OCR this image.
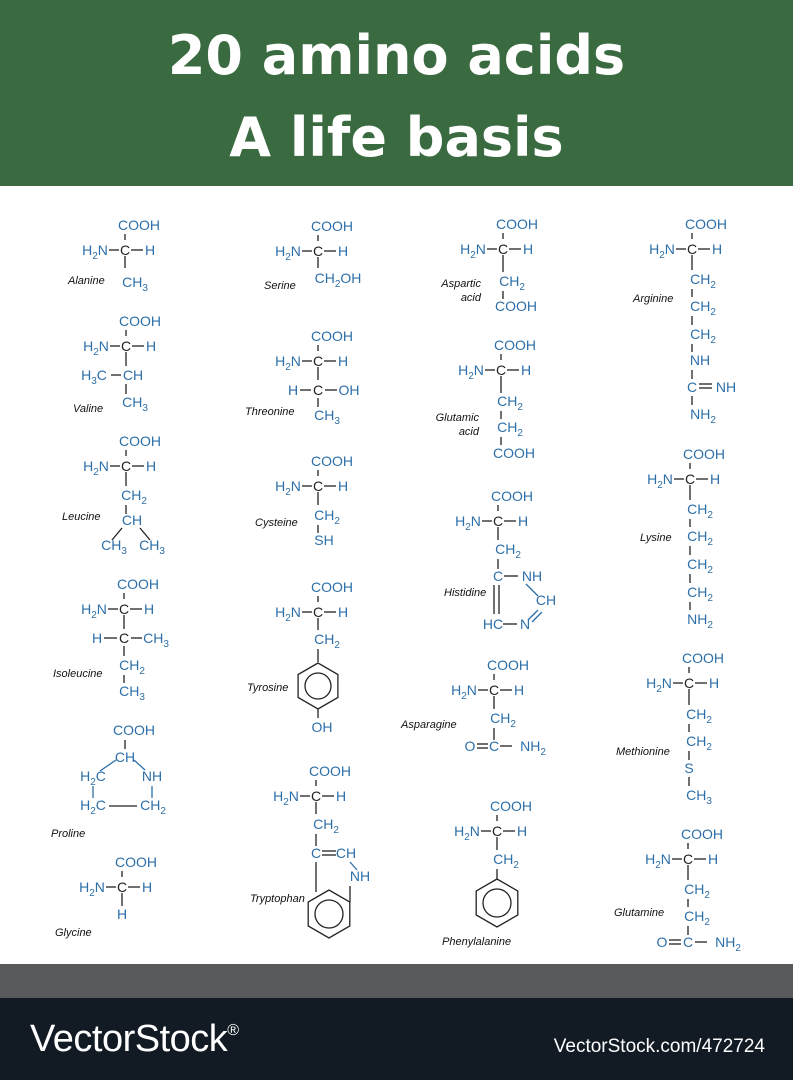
20 amino acids
A life basis
COOH
$H_2N$ C H
$CH_3$
Alanine
COOH
$H_2N$ C H
CH
$H_3C$
$CH_3$
Valine
COOH
$H_2N$ C H
$CH_2$
CH
$CH_3$ $CH_3$
Leucine
COOH
$H_2N$ C H
H C $CH_3$
$CH_2$
$CH_3$
Isoleucine
COOH
CH
$H_2C$	NH
$H_2C$ $CH_2$
Proline
COOH
$H_2N$ C H
H
Glycine
COOH
$H_2N$ C H
$CH_2OH$
Serine
COOH
$H_2N$ C H
H C OH
$CH_3$
Threonine
COOH
$H_2N$ C H
$CH_2$
SH
Cysteine
COOH
$H_2N$ C H
$CH_2$
OH
Tyrosine
COOH
$H_2N$ C H
$CH_2$
C CH
NH
Tryptophan
COOH
$H_2N$ C H
$CH_2$
COOH
Aspartic
acid
COOH
$H_2N$ C H
$CH_2$
$CH_2$
COOH
Glutamic
acid
COOH
$H_2N$ C H
$CH_2$
C NH
CH
N
HC
Histidine
COOH
$H_2N$ C H
$CH_2$
O C $NH_2$
Asparagine
COOH
$H_2N$ C H
$CH_2$
Phenylalanine
COOH
$H_2N$ C H
$CH_2$
$CH_2$
$CH_2$
NH
C NH
$NH_2$
Arginine
COOH
$H_2N$ C H
$CH_2$
$CH_2$
$CH_2$
$CH_2$
$NH_2$
Lysine
COOH
$H_2N$ C H
$CH_2$
$CH_2$
S
$CH_3$
Methionine
COOH
$H_2N$ C H
$CH_2$
$CH_2$
O C $NH_2$
Glutamine
VectorStock®
VectorStock.com/472724
